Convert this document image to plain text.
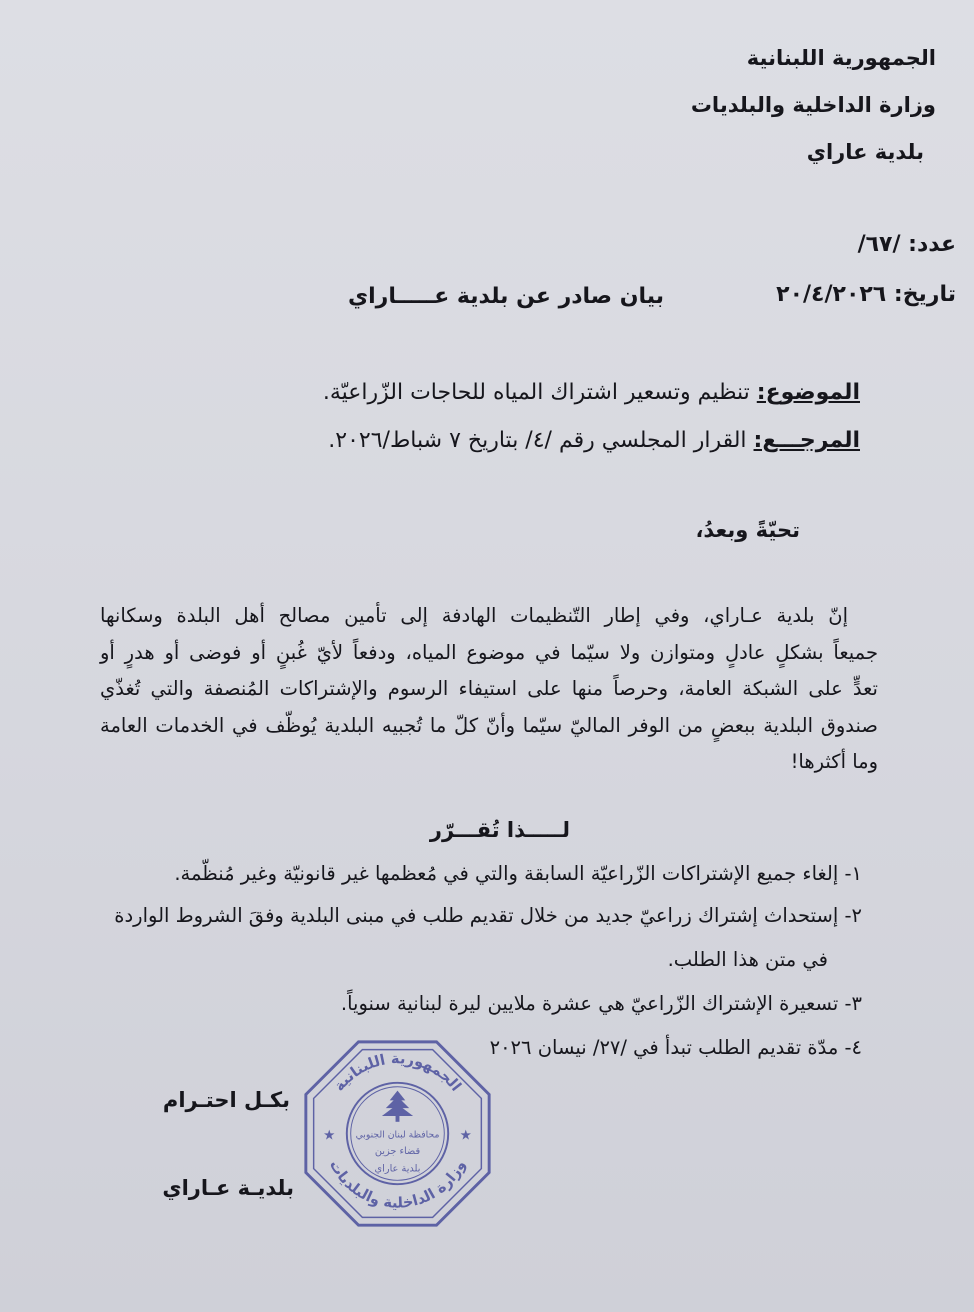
الجمهورية اللبنانية
وزارة الداخلية والبلديات
بلدية عاراي
عدد: /٦٧/
تاريخ: ٢٠/٤/٢٠٢٦
بيان صادر عن بلدية عـــــاراي
الموضوع: تنظيم وتسعير اشتراك المياه للحاجات الزّراعيّة.
المرجـــع: القرار المجلسي رقم /٤/ بتاريخ ٧ شباط/٢٠٢٦.
تحيّةً وبعدُ،
إنّ بلدية عـاراي، وفي إطار التّنظيمات الهادفة إلى تأمين مصالح أهل البلدة وسكانها
جميعاً بشكلٍ عادلٍ ومتوازن ولا سيّما في موضوع المياه، ودفعاً لأيّ غُبنٍ أو فوضى أو هدرٍ أو
تعدٍّ على الشبكة العامة، وحرصاً منها على استيفاء الرسوم والإشتراكات المُنصفة والتي تُغذّي
صندوق البلدية ببعضٍ من الوفر الماليّ سيّما وأنّ كلّ ما تُجبيه البلدية يُوظّف في الخدمات العامة
وما أكثرها!
لـــــذا تُقـــرّر
١- إلغاء جميع الإشتراكات الزّراعيّة السابقة والتي في مُعظمها غير قانونيّة وغير مُنظّمة.
٢- إستحداث إشتراك زراعيّ جديد من خلال تقديم طلب في مبنى البلدية وفقَ الشروط الواردة
في متن هذا الطلب.
٣- تسعيرة الإشتراك الزّراعيّ هي عشرة ملايين ليرة لبنانية سنوياً.
٤- مدّة تقديم الطلب تبدأ في /٢٧/ نيسان ٢٠٢٦
بكـل احتـرام
بلديـة عـاراي
الجمهورية اللبنانية
وزارة الداخلية والبلديات
محافظة لبنان الجنوبي
قضاء جزين
بلدية عاراي
★	★
